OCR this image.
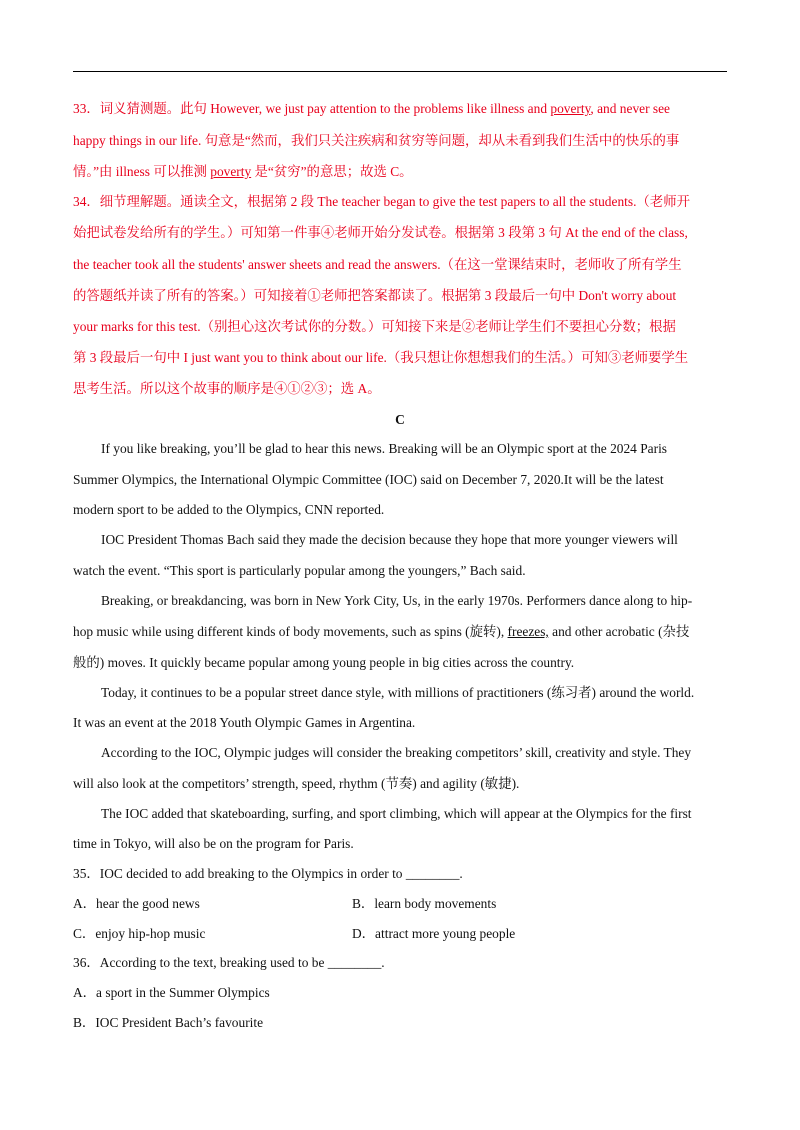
33．词义猜测题。此句 However, we just pay attention to the problems like illness and poverty, and never see
happy things in our life. 句意是“然而，我们只关注疾病和贫穷等问题，却从未看到我们生活中的快乐的事
情。”由 illness 可以推测 poverty 是“贫穷”的意思；故选 C。
34．细节理解题。通读全文，根据第 2 段 The teacher began to give the test papers to all the students.（老师开
始把试卷发给所有的学生。）可知第一件事④老师开始分发试卷。根据第 3 段第 3 句 At the end of the class,
the teacher took all the students' answer sheets and read the answers.（在这一堂课结束时，老师收了所有学生
的答题纸并读了所有的答案。）可知接着①老师把答案都读了。根据第 3 段最后一句中 Don't worry about
your marks for this test.（别担心这次考试你的分数。）可知接下来是②老师让学生们不要担心分数；根据
第 3 段最后一句中 I just want you to think about our life.（我只想让你想想我们的生活。）可知③老师要学生
思考生活。所以这个故事的顺序是④①②③；选 A。
C
If you like breaking, you’ll be glad to hear this news. Breaking will be an Olympic sport at the 2024 Paris
Summer Olympics, the International Olympic Committee (IOC) said on December 7, 2020.It will be the latest
modern sport to be added to the Olympics, CNN reported.
IOC President Thomas Bach said they made the decision because they hope that more younger viewers will
watch the event. “This sport is particularly popular among the youngers,” Bach said.
Breaking, or breakdancing, was born in New York City, Us, in the early 1970s. Performers dance along to hip-
hop music while using different kinds of body movements, such as spins (旋转), freezes, and other acrobatic (杂技
般的) moves. It quickly became popular among young people in big cities across the country.
Today, it continues to be a popular street dance style, with millions of practitioners (练习者) around the world.
It was an event at the 2018 Youth Olympic Games in Argentina.
According to the IOC, Olympic judges will consider the breaking competitors’ skill, creativity and style. They
will also look at the competitors’ strength, speed, rhythm (节奏) and agility (敏捷).
The IOC added that skateboarding, surfing, and sport climbing, which will appear at the Olympics for the first
time in Tokyo, will also be on the program for Paris.
35．IOC decided to add breaking to the Olympics in order to ________.
A．hear the good news	B．learn body movements
C．enjoy hip-hop music	D．attract more young people
36．According to the text, breaking used to be ________.
A．a sport in the Summer Olympics
B．IOC President Bach’s favourite
